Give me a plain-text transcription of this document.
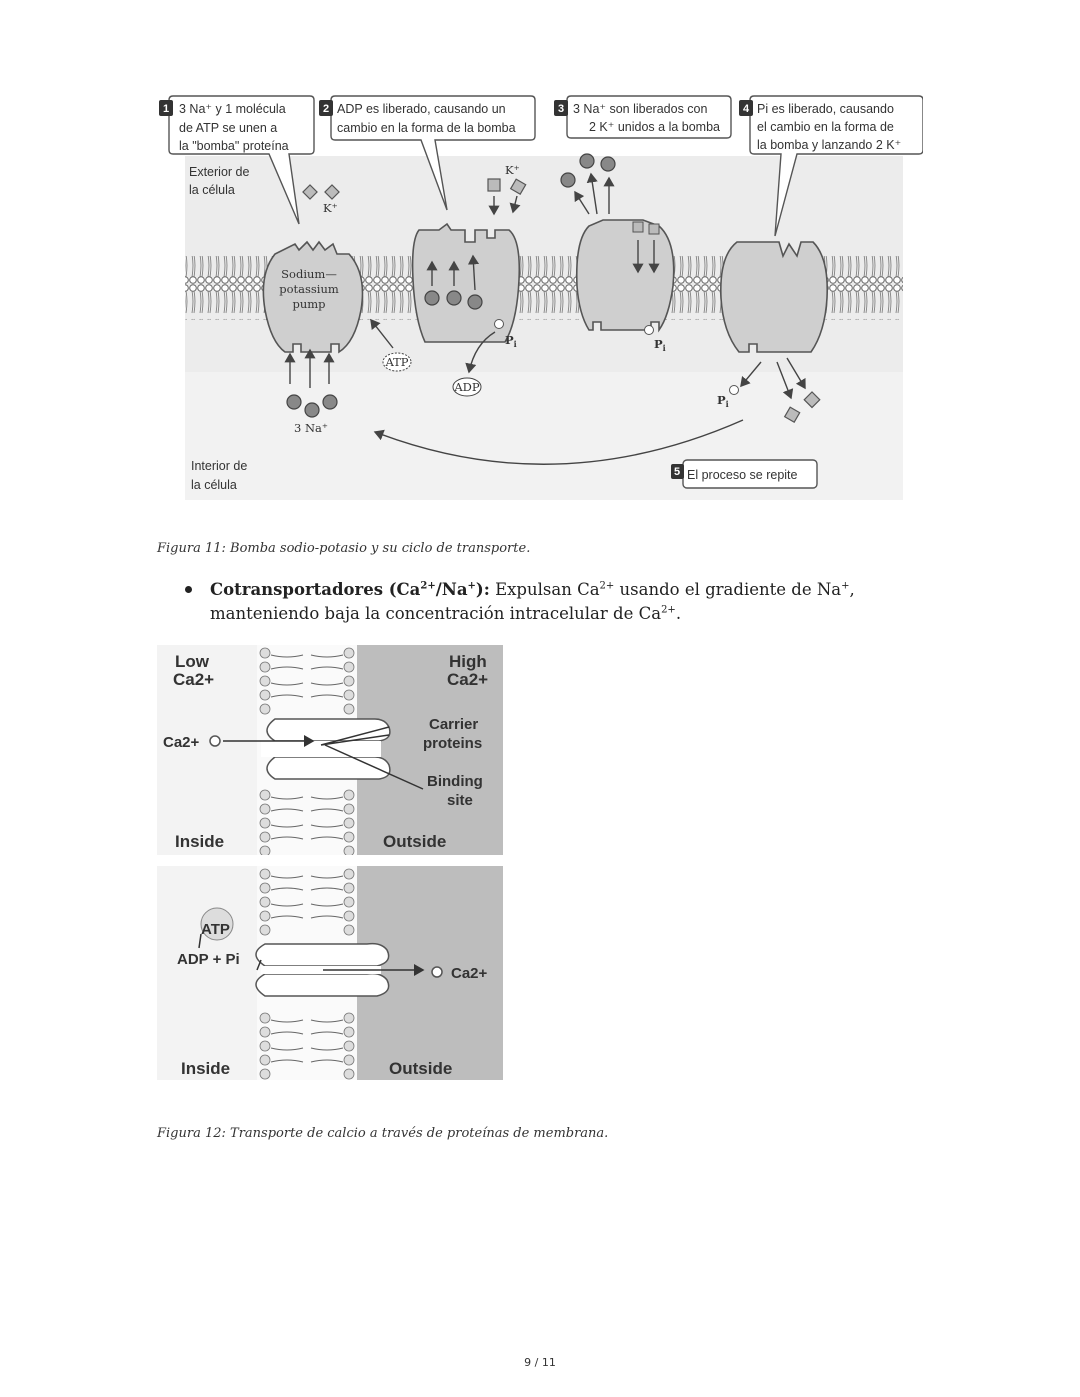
Sodium—
potassium
pump
ATP
ADP
Exterior de
la célula
Interior de
la célula
K⁺
K⁺
3 Na⁺
$P_i$	$P_i$
$P_i$
1 3 Na⁺ y 1 molécula
de ATP se unen a
la "bomba" proteína
2 ADP es liberado, causando un
cambio en la forma de la bomba
3 3 Na⁺ son liberados con
2 K⁺ unidos a la bomba
4 Pi es liberado, causando
el cambio en la forma de
la bomba y lanzando 2 K⁺
5 El proceso se repite
Figura 11: Bomba sodio-potasio y su ciclo de transporte.
Cotransportadores $(Ca^{2+}/Na^+)$: Expulsan $Ca^{2+}$ usando el gradiente de Na+,
manteniendo baja la concentración intracelular de $Ca^{2+}$.
Low
Ca2+
High
Ca2+
Ca2+
Carrier
proteins
Binding
site
Inside	Outside
ATP
ADP + Pi
Ca2+
Inside	Outside
Figura 12: Transporte de calcio a través de proteínas de membrana.
9 / 11
